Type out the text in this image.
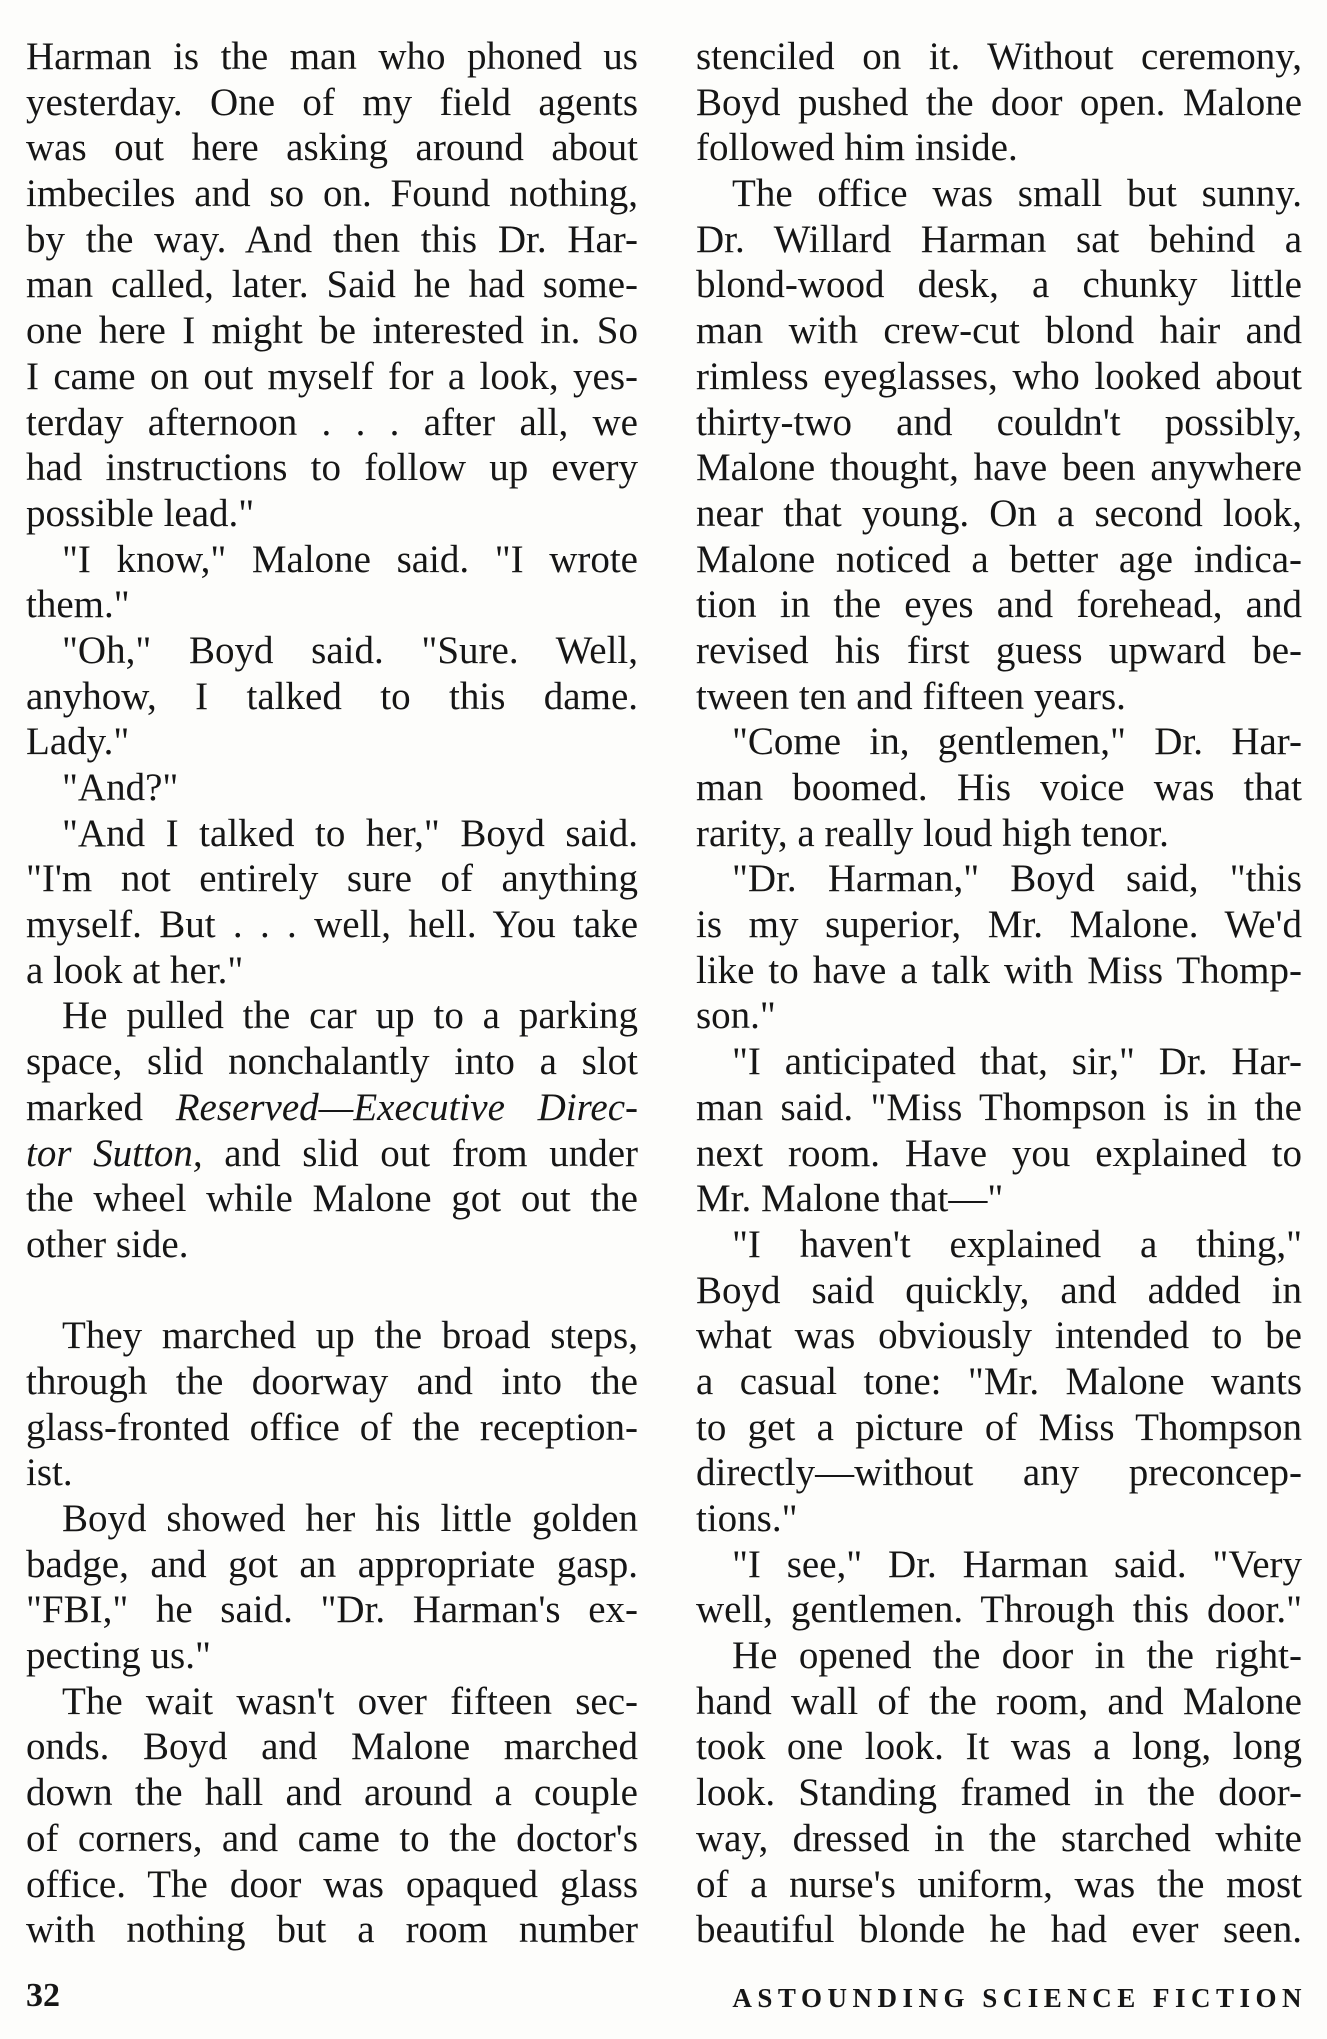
Harman is the man who phoned us
yesterday. One of my field agents
was out here asking around about
imbeciles and so on. Found nothing,
by the way. And then this Dr. Har-
man called, later. Said he had some-
one here I might be interested in. So
I came on out myself for a look, yes-
terday afternoon . . . after all, we
had instructions to follow up every
possible lead."
"I know," Malone said. "I wrote
them."
"Oh," Boyd said. "Sure. Well,
anyhow, I talked to this dame.
Lady."
"And?"
"And I talked to her," Boyd said.
"I'm not entirely sure of anything
myself. But . . . well, hell. You take
a look at her."
He pulled the car up to a parking
space, slid nonchalantly into a slot
marked Reserved—Executive Direc-
tor Sutton, and slid out from under
the wheel while Malone got out the
other side.
They marched up the broad steps,
through the doorway and into the
glass-fronted office of the reception-
ist.
Boyd showed her his little golden
badge, and got an appropriate gasp.
"FBI," he said. "Dr. Harman's ex-
pecting us."
The wait wasn't over fifteen sec-
onds. Boyd and Malone marched
down the hall and around a couple
of corners, and came to the doctor's
office. The door was opaqued glass
with nothing but a room number
stenciled on it. Without ceremony,
Boyd pushed the door open. Malone
followed him inside.
The office was small but sunny.
Dr. Willard Harman sat behind a
blond-wood desk, a chunky little
man with crew-cut blond hair and
rimless eyeglasses, who looked about
thirty-two and couldn't possibly,
Malone thought, have been anywhere
near that young. On a second look,
Malone noticed a better age indica-
tion in the eyes and forehead, and
revised his first guess upward be-
tween ten and fifteen years.
"Come in, gentlemen," Dr. Har-
man boomed. His voice was that
rarity, a really loud high tenor.
"Dr. Harman," Boyd said, "this
is my superior, Mr. Malone. We'd
like to have a talk with Miss Thomp-
son."
"I anticipated that, sir," Dr. Har-
man said. "Miss Thompson is in the
next room. Have you explained to
Mr. Malone that—"
"I haven't explained a thing,"
Boyd said quickly, and added in
what was obviously intended to be
a casual tone: "Mr. Malone wants
to get a picture of Miss Thompson
directly—without any preconcep-
tions."
"I see," Dr. Harman said. "Very
well, gentlemen. Through this door."
He opened the door in the right-
hand wall of the room, and Malone
took one look. It was a long, long
look. Standing framed in the door-
way, dressed in the starched white
of a nurse's uniform, was the most
beautiful blonde he had ever seen.
32	ASTOUNDING SCIENCE FICTION
